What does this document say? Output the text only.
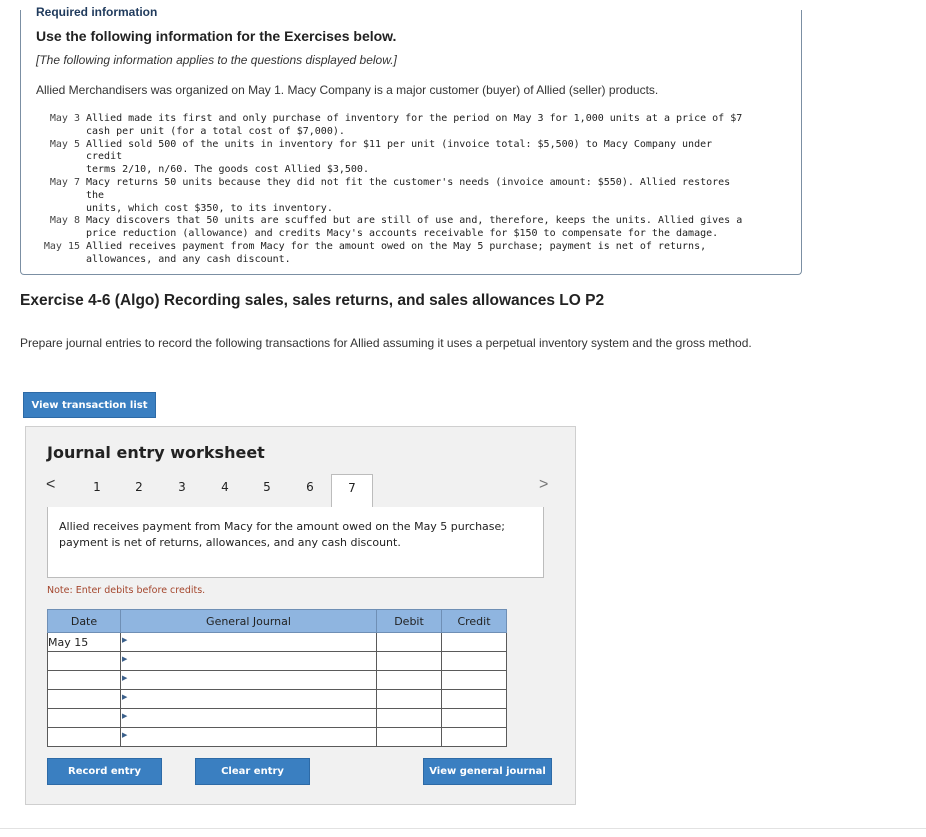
Required information
Use the following information for the Exercises below.
[The following information applies to the questions displayed below.]
Allied Merchandisers was organized on May 1. Macy Company is a major customer (buyer) of Allied (seller) products.
May 3 Allied made its first and only purchase of inventory for the period on May 3 for 1,000 units at a price of $7
cash per unit (for a total cost of $7,000).
May 5 Allied sold 500 of the units in inventory for $11 per unit (invoice total: $5,500) to Macy Company under credit
terms 2/10, n/60. The goods cost Allied $3,500.
May 7 Macy returns 50 units because they did not fit the customer's needs (invoice amount: $550). Allied restores the
units, which cost $350, to its inventory.
May 8 Macy discovers that 50 units are scuffed but are still of use and, therefore, keeps the units. Allied gives a
price reduction (allowance) and credits Macy's accounts receivable for $150 to compensate for the damage.
May 15 Allied receives payment from Macy for the amount owed on the May 5 purchase; payment is net of returns,
allowances, and any cash discount.
Exercise 4-6 (Algo) Recording sales, sales returns, and sales allowances LO P2
Prepare journal entries to record the following transactions for Allied assuming it uses a perpetual inventory system and the gross method.
View transaction list
Journal entry worksheet
<	1	2	3	4	5	6	7	>
Allied receives payment from Macy for the amount owed on the May 5 purchase; payment is net of returns, allowances, and any cash discount.
Note: Enter debits before credits.
Date	General Journal	Debit	Credit
May 15	▶		

	▶		

	▶		

	▶		

	▶		

	▶		

Record entry	Clear entry	View general journal
